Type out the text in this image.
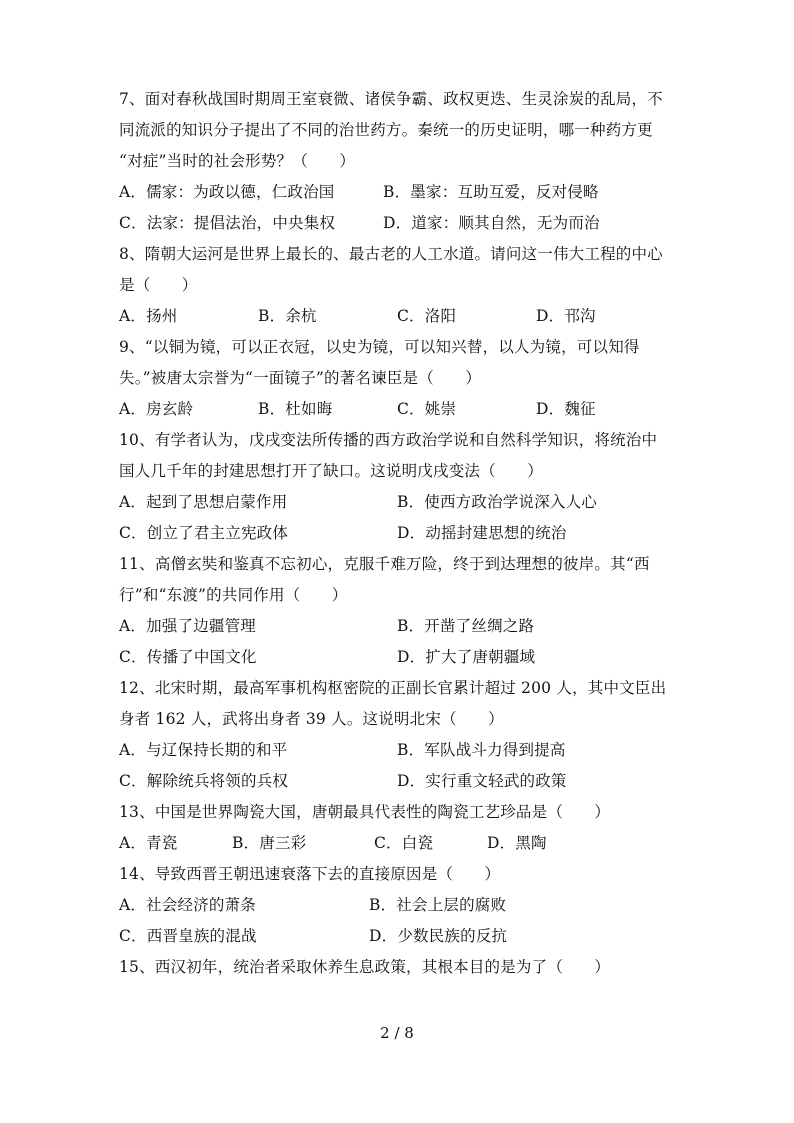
7、面对春秋战国时期周王室衰微、诸侯争霸、政权更迭、生灵涂炭的乱局，不
同流派的知识分子提出了不同的治世药方。秦统一的历史证明，哪一种药方更
“对症”当时的社会形势？（　　）
A．儒家：为政以德，仁政治国	B．墨家：互助互爱，反对侵略
C．法家：提倡法治，中央集权	D．道家：顺其自然，无为而治
8、隋朝大运河是世界上最长的、最古老的人工水道。请问这一伟大工程的中心
是（　　）
A．扬州	B．余杭	C．洛阳	D．邗沟
9、“以铜为镜，可以正衣冠，以史为镜，可以知兴替，以人为镜，可以知得
失。”被唐太宗誉为“一面镜子”的著名谏臣是（　　）
A．房玄龄	B．杜如晦	C．姚崇	D．魏征
10、有学者认为，戊戌变法所传播的西方政治学说和自然科学知识，将统治中
国人几千年的封建思想打开了缺口。这说明戊戌变法（　　）
A．起到了思想启蒙作用	B．使西方政治学说深入人心
C．创立了君主立宪政体	D．动摇封建思想的统治
11、高僧玄奘和鉴真不忘初心，克服千难万险，终于到达理想的彼岸。其“西
行”和“东渡”的共同作用（　　）
A．加强了边疆管理	B．开凿了丝绸之路
C．传播了中国文化	D．扩大了唐朝疆域
12、北宋时期，最高军事机构枢密院的正副长官累计超过 200 人，其中文臣出
身者 162 人，武将出身者 39 人。这说明北宋（　　）
A．与辽保持长期的和平	B．军队战斗力得到提高
C．解除统兵将领的兵权	D．实行重文轻武的政策
13、中国是世界陶瓷大国，唐朝最具代表性的陶瓷工艺珍品是（　　）
A．青瓷	B．唐三彩	C．白瓷	D．黑陶
14、导致西晋王朝迅速衰落下去的直接原因是（　　）
A．社会经济的萧条	B．社会上层的腐败
C．西晋皇族的混战	D．少数民族的反抗
15、西汉初年，统治者采取休养生息政策，其根本目的是为了（　　）
2 / 8
